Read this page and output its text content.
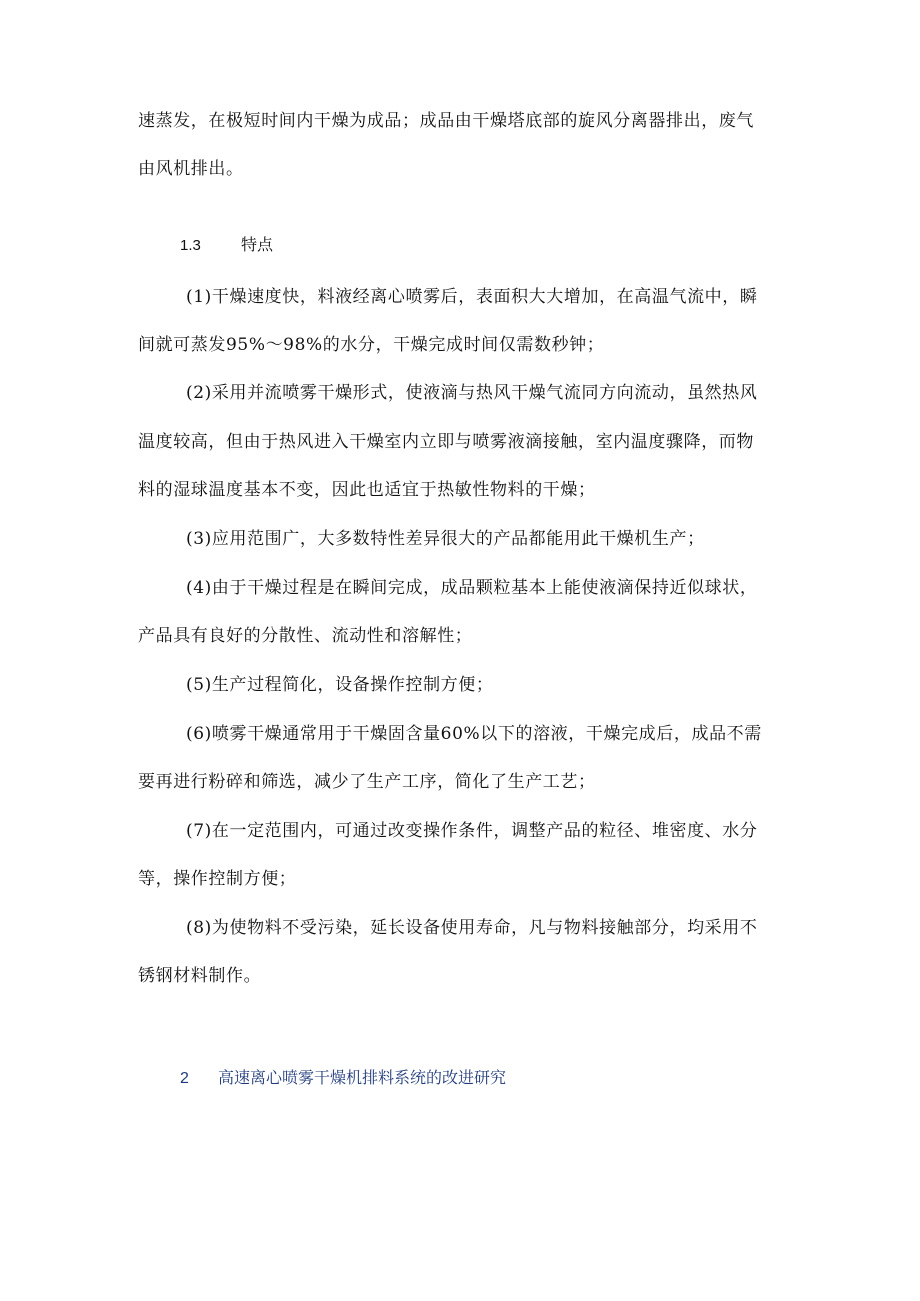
速蒸发，在极短时间内干燥为成品；成品由干燥塔底部的旋风分离器排出，废气
由风机排出。
1.3	特点
(1)干燥速度快，料液经离心喷雾后，表面积大大增加，在高温气流中，瞬
间就可蒸发95%～98%的水分，干燥完成时间仅需数秒钟；
(2)采用并流喷雾干燥形式，使液滴与热风干燥气流同方向流动，虽然热风
温度较高，但由于热风进入干燥室内立即与喷雾液滴接触，室内温度骤降，而物
料的湿球温度基本不变，因此也适宜于热敏性物料的干燥；
(3)应用范围广，大多数特性差异很大的产品都能用此干燥机生产；
(4)由于干燥过程是在瞬间完成，成品颗粒基本上能使液滴保持近似球状，
产品具有良好的分散性、流动性和溶解性；
(5)生产过程简化，设备操作控制方便；
(6)喷雾干燥通常用于干燥固含量60%以下的溶液，干燥完成后，成品不需
要再进行粉碎和筛选，减少了生产工序，简化了生产工艺；
(7)在一定范围内，可通过改变操作条件，调整产品的粒径、堆密度、水分
等，操作控制方便；
(8)为使物料不受污染，延长设备使用寿命，凡与物料接触部分，均采用不
锈钢材料制作。
2 高速离心喷雾干燥机排料系统的改进研究
